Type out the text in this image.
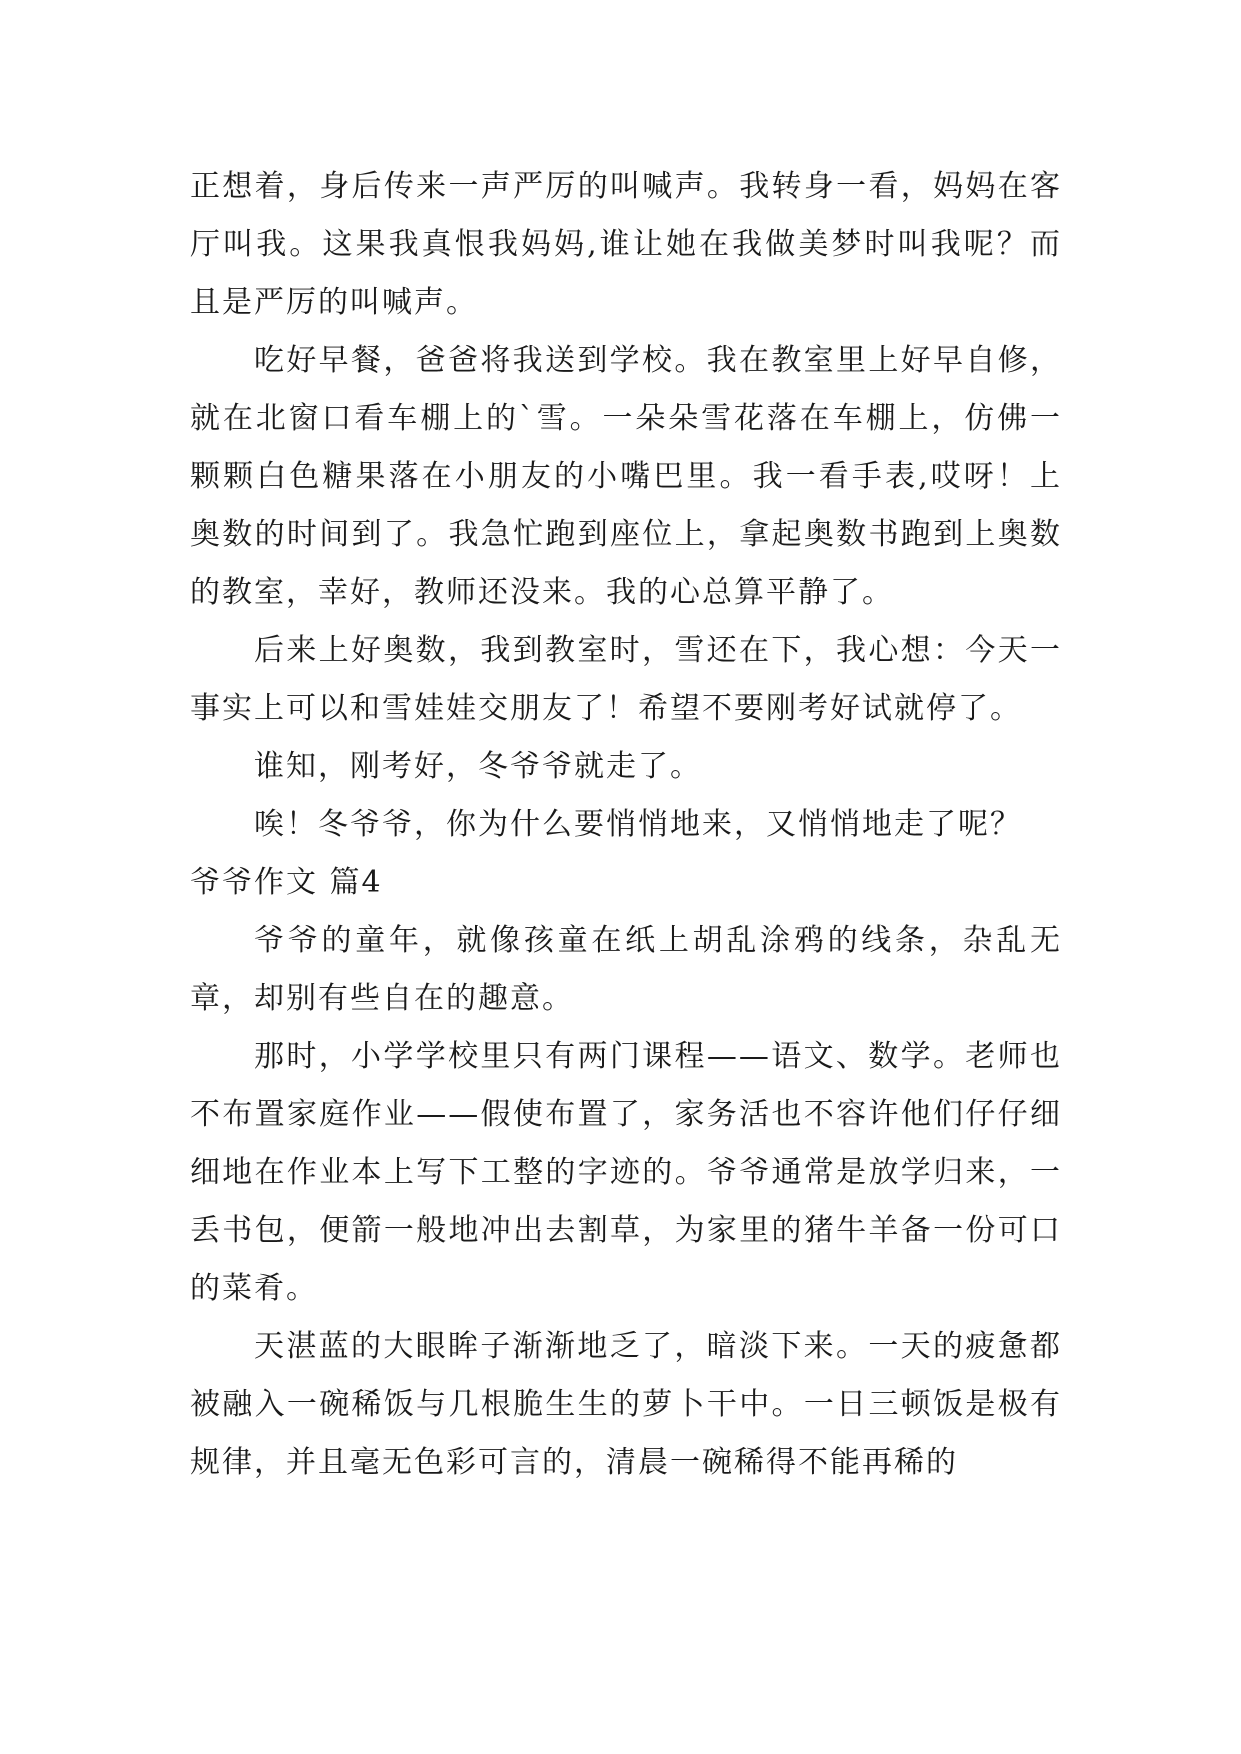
正想着，身后传来一声严厉的叫喊声。我转身一看，妈妈在客厅叫我。这果我真恨我妈妈,谁让她在我做美梦时叫我呢？而且是严厉的叫喊声。

吃好早餐，爸爸将我送到学校。我在教室里上好早自修，就在北窗口看车棚上的`雪。一朵朵雪花落在车棚上，仿佛一颗颗白色糖果落在小朋友的小嘴巴里。我一看手表,哎呀！上奥数的时间到了。我急忙跑到座位上，拿起奥数书跑到上奥数的教室，幸好，教师还没来。我的心总算平静了。

后来上好奥数，我到教室时，雪还在下，我心想：今天一事实上可以和雪娃娃交朋友了！希望不要刚考好试就停了。

谁知，刚考好，冬爷爷就走了。

唉！冬爷爷，你为什么要悄悄地来，又悄悄地走了呢？

爷爷作文 篇4

爷爷的童年，就像孩童在纸上胡乱涂鸦的线条，杂乱无章，却别有些自在的趣意。

那时，小学学校里只有两门课程——语文、数学。老师也不布置家庭作业——假使布置了，家务活也不容许他们仔仔细细地在作业本上写下工整的字迹的。爷爷通常是放学归来，一丢书包，便箭一般地冲出去割草，为家里的猪牛羊备一份可口的菜肴。

天湛蓝的大眼眸子渐渐地乏了，暗淡下来。一天的疲惫都被融入一碗稀饭与几根脆生生的萝卜干中。一日三顿饭是极有规律，并且毫无色彩可言的，清晨一碗稀得不能再稀的
